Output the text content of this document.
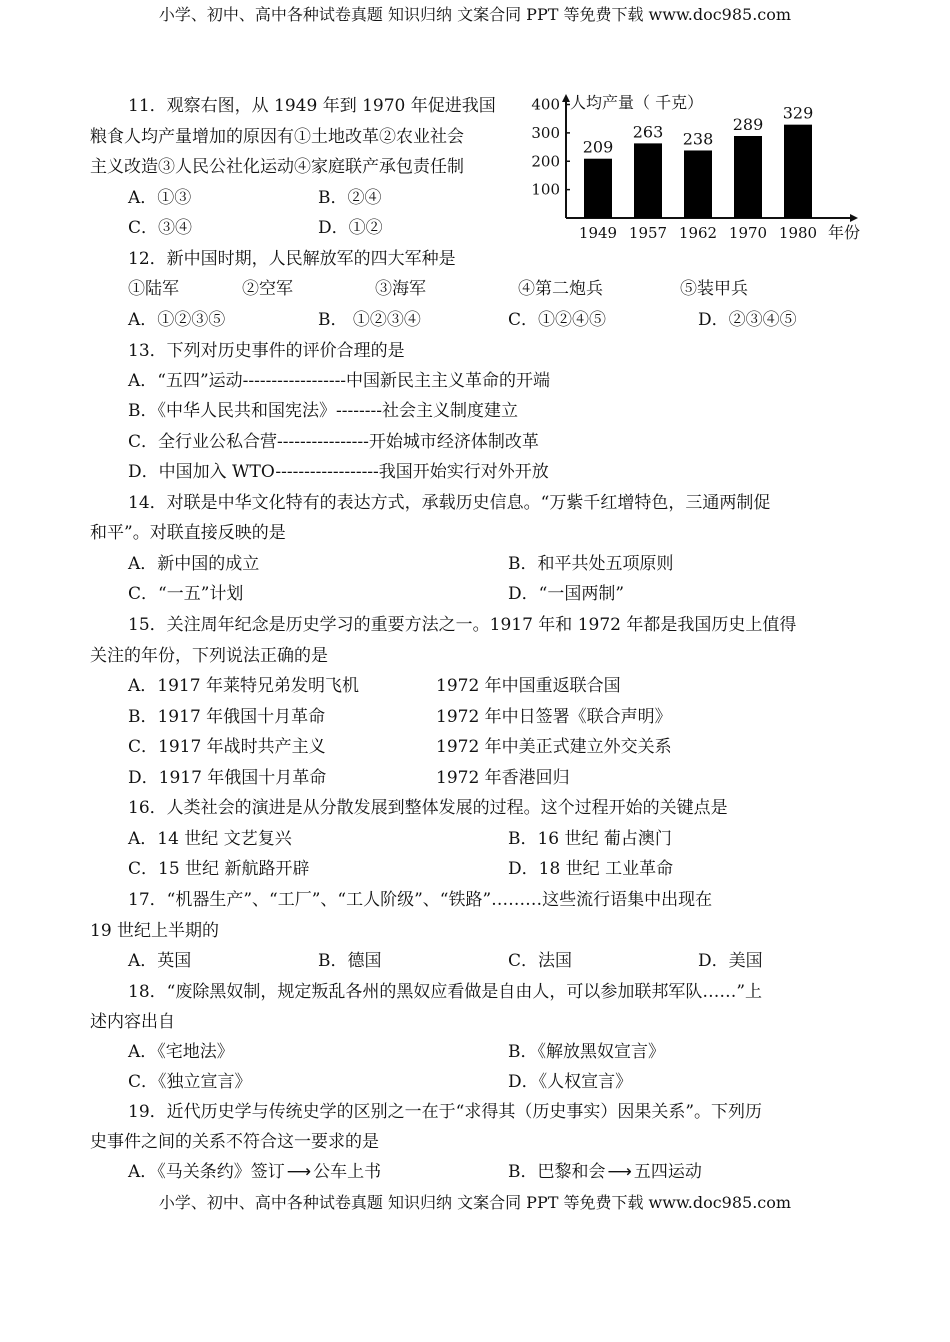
小学、初中、高中各种试卷真题 知识归纳 文案合同 PPT 等免费下载 www.doc985.com
11．观察右图，从 1949 年到 1970 年促进我国
粮食人均产量增加的原因有①土地改革②农业社会
主义改造③人民公社化运动④家庭联产承包责任制
A．①③	B．②④
C．③④	D．①②
人均产量（ 千克）
100
200
300
400
年份
209
1949
263
1957
238
1962
289
1970
329
1980
12．新中国时期，人民解放军的四大军种是
①陆军	②空军	③海军	④第二炮兵	⑤装甲兵
A．①②③⑤	B． ①②③④	C．①②④⑤	D．②③④⑤
13．下列对历史事件的评价合理的是
A．“五四”运动------------------中国新民主主义革命的开端
B．《中华人民共和国宪法》--------社会主义制度建立
C．全行业公私合营----------------开始城市经济体制改革
D．中国加入 WTO------------------我国开始实行对外开放
14．对联是中华文化特有的表达方式，承载历史信息。“万紫千红增特色，三通两制促
和平”。对联直接反映的是
A．新中国的成立	B．和平共处五项原则
C．“一五”计划	D．“一国两制”
15．关注周年纪念是历史学习的重要方法之一。1917 年和 1972 年都是我国历史上值得
关注的年份，下列说法正确的是
A．1917 年莱特兄弟发明飞机	1972 年中国重返联合国
B．1917 年俄国十月革命	1972 年中日签署《联合声明》
C．1917 年战时共产主义	1972 年中美正式建立外交关系
D．1917 年俄国十月革命	1972 年香港回归
16．人类社会的演进是从分散发展到整体发展的过程。这个过程开始的关键点是
A．14 世纪 文艺复兴	B．16 世纪 葡占澳门
C．15 世纪 新航路开辟	D．18 世纪 工业革命
17．“机器生产”、“工厂”、“工人阶级”、“铁路”………这些流行语集中出现在
19 世纪上半期的
A．英国	B．德国	C．法国	D．美国
18．“废除黑奴制，规定叛乱各州的黑奴应看做是自由人，可以参加联邦军队……”上
述内容出自
A．《宅地法》	B．《解放黑奴宣言》
C．《独立宣言》	D．《人权宣言》
19．近代历史学与传统史学的区别之一在于“求得其（历史事实）因果关系”。下列历
史事件之间的关系不符合这一要求的是
A．《马关条约》签订 ⟶ 公车上书	B．巴黎和会 ⟶ 五四运动
小学、初中、高中各种试卷真题 知识归纳 文案合同 PPT 等免费下载 www.doc985.com
